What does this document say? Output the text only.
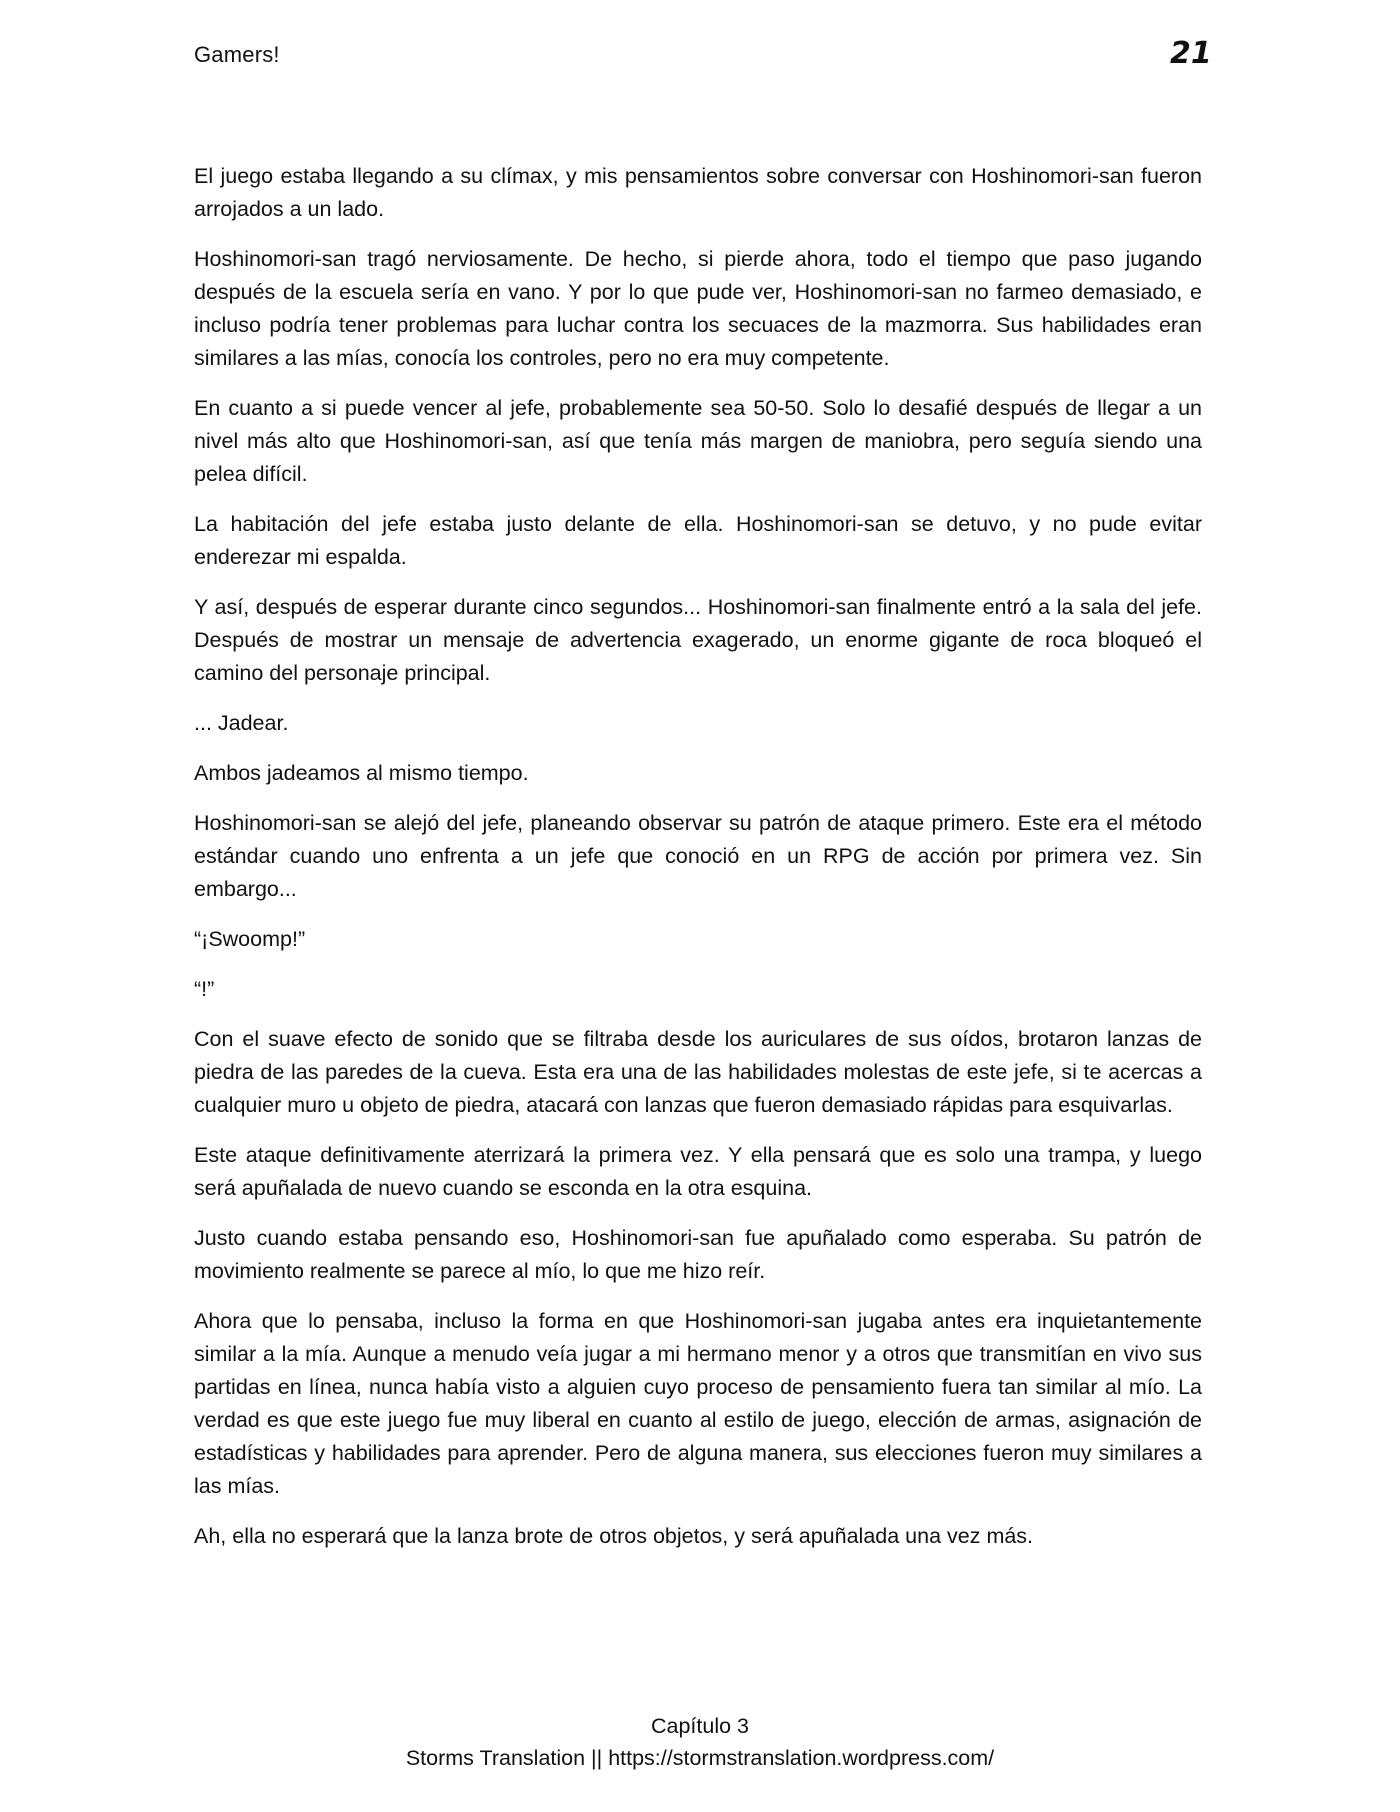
Gamers!	21

El juego estaba llegando a su clímax, y mis pensamientos sobre conversar con Hoshinomori-san fueron arrojados a un lado.

Hoshinomori-san tragó nerviosamente. De hecho, si pierde ahora, todo el tiempo que paso jugando después de la escuela sería en vano. Y por lo que pude ver, Hoshinomori-san no farmeo demasiado, e incluso podría tener problemas para luchar contra los secuaces de la mazmorra. Sus habilidades eran similares a las mías, conocía los controles, pero no era muy competente.

En cuanto a si puede vencer al jefe, probablemente sea 50-50. Solo lo desafié después de llegar a un nivel más alto que Hoshinomori-san, así que tenía más margen de maniobra, pero seguía siendo una pelea difícil.

La habitación del jefe estaba justo delante de ella. Hoshinomori-san se detuvo, y no pude evitar enderezar mi espalda.

Y así, después de esperar durante cinco segundos... Hoshinomori-san finalmente entró a la sala del jefe. Después de mostrar un mensaje de advertencia exagerado, un enorme gigante de roca bloqueó el camino del personaje principal.

... Jadear.

Ambos jadeamos al mismo tiempo.

Hoshinomori-san se alejó del jefe, planeando observar su patrón de ataque primero. Este era el método estándar cuando uno enfrenta a un jefe que conoció en un RPG de acción por primera vez. Sin embargo...

“¡Swoomp!”

“!”

Con el suave efecto de sonido que se filtraba desde los auriculares de sus oídos, brotaron lanzas de piedra de las paredes de la cueva. Esta era una de las habilidades molestas de este jefe, si te acercas a cualquier muro u objeto de piedra, atacará con lanzas que fueron demasiado rápidas para esquivarlas.

Este ataque definitivamente aterrizará la primera vez. Y ella pensará que es solo una trampa, y luego será apuñalada de nuevo cuando se esconda en la otra esquina.

Justo cuando estaba pensando eso, Hoshinomori-san fue apuñalado como esperaba. Su patrón de movimiento realmente se parece al mío, lo que me hizo reír.

Ahora que lo pensaba, incluso la forma en que Hoshinomori-san jugaba antes era inquietantemente similar a la mía. Aunque a menudo veía jugar a mi hermano menor y a otros que transmitían en vivo sus partidas en línea, nunca había visto a alguien cuyo proceso de pensamiento fuera tan similar al mío. La verdad es que este juego fue muy liberal en cuanto al estilo de juego, elección de armas, asignación de estadísticas y habilidades para aprender. Pero de alguna manera, sus elecciones fueron muy similares a las mías.

Ah, ella no esperará que la lanza brote de otros objetos, y será apuñalada una vez más.

Capítulo 3
Storms Translation || https://stormstranslation.wordpress.com/
